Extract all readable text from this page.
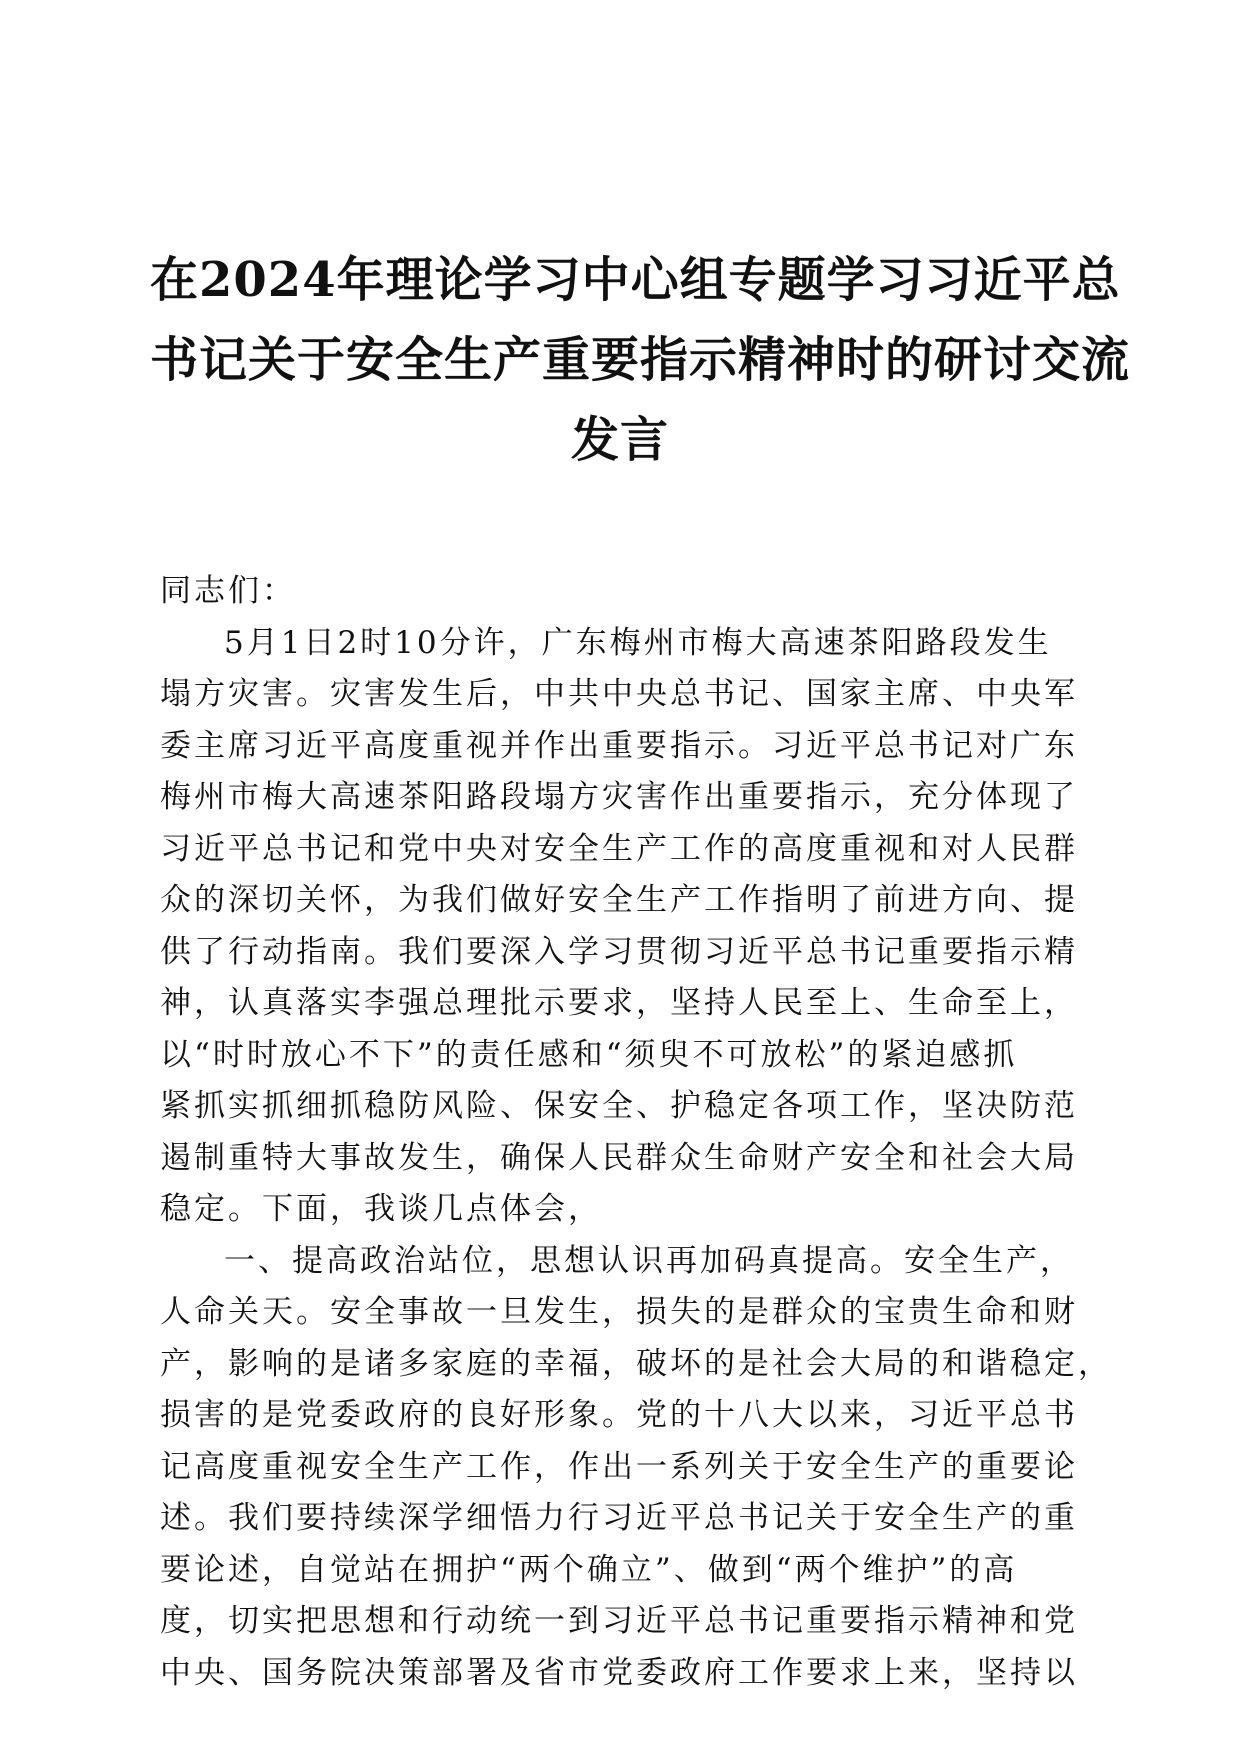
在2024年理论学习中心组专题学习习近平总
书记关于安全生产重要指示精神时的研讨交流
发言
同志们：
5月1日2时10分许，广东梅州市梅大高速茶阳路段发生
塌方灾害。灾害发生后，中共中央总书记、国家主席、中央军
委主席习近平高度重视并作出重要指示。习近平总书记对广东
梅州市梅大高速茶阳路段塌方灾害作出重要指示，充分体现了
习近平总书记和党中央对安全生产工作的高度重视和对人民群
众的深切关怀，为我们做好安全生产工作指明了前进方向、提
供了行动指南。我们要深入学习贯彻习近平总书记重要指示精
神，认真落实李强总理批示要求，坚持人民至上、生命至上，
以“时时放心不下”的责任感和“须臾不可放松”的紧迫感抓
紧抓实抓细抓稳防风险、保安全、护稳定各项工作，坚决防范
遏制重特大事故发生，确保人民群众生命财产安全和社会大局
稳定。下面，我谈几点体会，
一、提高政治站位，思想认识再加码真提高。安全生产，
人命关天。安全事故一旦发生，损失的是群众的宝贵生命和财
产，影响的是诸多家庭的幸福，破坏的是社会大局的和谐稳定，
损害的是党委政府的良好形象。党的十八大以来，习近平总书
记高度重视安全生产工作，作出一系列关于安全生产的重要论
述。我们要持续深学细悟力行习近平总书记关于安全生产的重
要论述，自觉站在拥护“两个确立”、做到“两个维护”的高
度，切实把思想和行动统一到习近平总书记重要指示精神和党
中央、国务院决策部署及省市党委政府工作要求上来，坚持以
